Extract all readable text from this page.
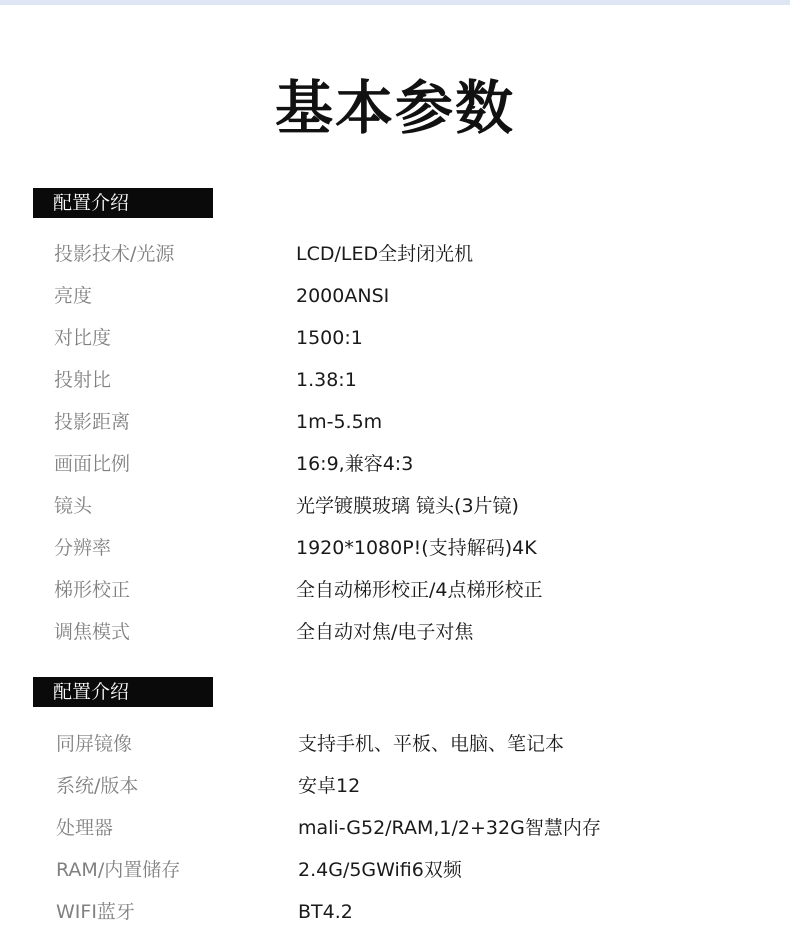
基本参数
配置介绍
投影技术/光源	LCD/LED全封闭光机
亮度	2000ANSI
对比度	1500:1
投射比	1.38:1
投影距离	1m-5.5m
画面比例	16:9,兼容4:3
镜头	光学镀膜玻璃 镜头(3片镜)
分辨率	1920*1080P!(支持解码)4K
梯形校正	全自动梯形校正/4点梯形校正
调焦模式	全自动对焦/电子对焦
配置介绍
同屏镜像	支持手机、平板、电脑、笔记本
系统/版本	安卓12
处理器	mali-G52/RAM,1/2+32G智慧内存
RAM/内置储存	2.4G/5GWifi6双频
WIFI蓝牙	BT4.2
